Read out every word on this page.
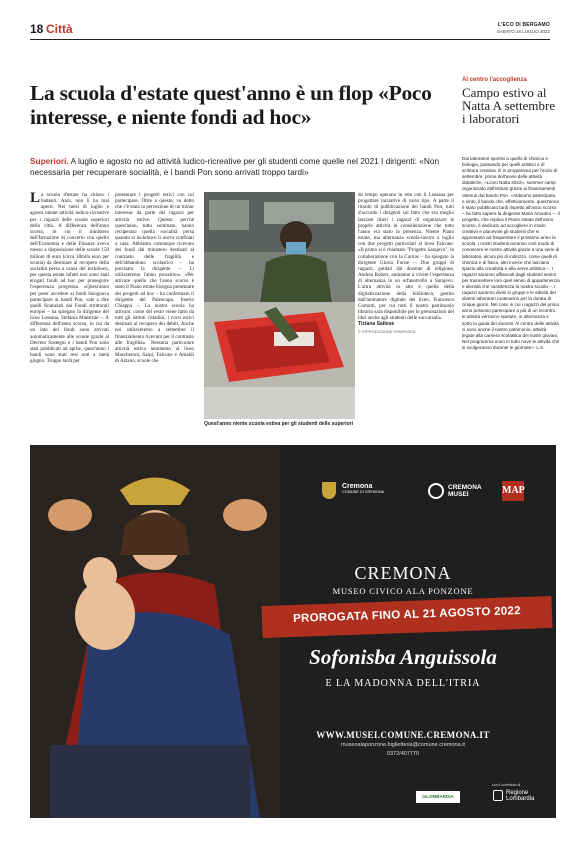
18 Città	L'ECO DI BERGAMO
SABATO 16 LUGLIO 2022
La scuola d'estate quest'anno è un flop «Poco interesse, e niente fondi ad hoc»
Al centro l'accoglienza
Campo estivo al Natta A settembre i laboratori
Dai laboratori sportivi a quello di chimica e biologia, passando per quelli artistici e di scrittura creativa. È in programma per l'inizio di settembre, prima dell'avvio delle attività didattiche, «Liceo Natta 2022», summer camp organizzato dall'istituto grazie ai finanziamenti ottenuti dal bando Pon. «Abbiamo partecipato, e vinto, il bando che, effettivamente, quest'anno è stato pubblicato tardi rispetto all'anno scorso – ha fatto sapere la dirigente Maria Amodeo –. Il progetto, che replica il Piano estate dell'anno scorso, è dedicato ad accogliere in modo creativo e piacevole gli studenti che si apprestano ad frequentare il prossimo anno la scuola. I nostri studenti avranno così modo di conoscere le nostre attività grazie a una serie di laboratori, alcuni più di indirizzo, come quelli di chimica e di fisica, altri invece che lasciano spazio alla creatività e alla verve artistica –. I ragazzi saranno affiancati dagli studenti senior per trasmettere loro quel senso di appartenenza e identità che caratterizza la nostra scuola –. I ragazzi saranno divisi in gruppi e le attività dei diversi laboratori ruoteranno per la durata di cinque giorni. Nel caso in cui i ragazzi del primo anno possono partecipare a più di un incontro, le attività verranno ripetute, in alternanza e sotto la guida dei docenti. Al centro delle attività ci sono anche il nostro patrimonio, attività legate alla carriera scolastica dei nostri giovani. Nel programma sono in tutto nove le attività che si svolgeranno durante le giornate». L.S.
Superiori. A luglio e agosto no ad attività ludico-ricreative per gli studenti come quelle nel 2021 I dirigenti: «Non necessaria per recuperare socialità, e i bandi Pon sono arrivati troppo tardi»
La scuola d'estate ha chiuso i battenti. Anzi, non li ha mai aperti. Nei mesi di luglio e agosto niente attività ludico-ricreative per i ragazzi delle scuole superiori della città. A differenza dell'anno scorso, in cui il ministero dell'Istruzione di concerto con quello dell'Economia e delle Finanze aveva messo a disposizione delle scuole 150 milioni di euro (circa 18mila euro per scuola) da destinare al recupero della socialità persa a causa del lockdown, per questa estate infatti non sono stati erogati fondi ad hoc per proseguire l'esperienza progressa. «Quest'anno per poter accedere ai fondi bisognava partecipare ai bandi Pon, vale a dire quelli finanziati dai Fondi strutturali europei – ha spiegato la dirigente del liceo Lussana, Stefania Maestrini –. A differenza dell'anno scorso, in cui da un lato dei fondi sono arrivati automaticamente alle scuole grazie al Decreto Sostegni e i bandi Pon sono stati pubblicati ad aprile, quest'anno i bandi sono stati resi noti a metà giugno. Troppo tardi per
presentare i progetti estivi con cui partecipare. Oltre a questo, va detto che c'è stata la percezione di un minor interesse da parte dei ragazzi per attività estive. Questo perché quest'anno, tutto sommato, hanno recuperato quella socialità persa quando si lockdown li aveva confinati a casa. Abbiamo comunque ricevuto dei fondi dal ministero destinati al contrasto delle fragilità e dell'abbandono scolastico – ha precisato la dirigente –. Li utilizzeremo l'anno prossimo». «Per attivare quello che l'anno scorso è stato il Piano estate bisogna presentare dei progetti ad hoc – ha confermato il dirigente del Paleocapa, Imerio Chiappa –. La nostra scuola ha attivato, come del resto viene fatto da tutti gli istituti cittadini, i corsi estivi destinati al recupero dei debiti. Anche noi utilizzeremo a settembre il finanziamento ricevuto per il contrasto alle fragilità». Nessuna particolare attività estiva nemmeno al liceo Mascheroni, Sarpi, Falcone e Amaldi di Alzano, scuole che
da tempo operano in rete con il Lussana per progettare iniziative di vario tipo. A parte il ritardo di pubblicazione dei bandi Pon, tutti d'accordo i dirigenti sul fatto che era meglio lasciare liberi i ragazzi di organizzare le proprie attività in considerazione che tutto l'anno era stato in presenza. Niente Piano estate, ma alternanza scuola-lavoro a luglio con due progetti particolari al liceo Falcone: «Il primo si è chiamato "Progetto Sarajevo", in collaborazione con la Caritas – ha spiegato la dirigente Gloria Farisè –. Due gruppi di ragazzi, guidati dal docente di religione, Andrea Robert, andranno a vivere l'esperienza di alternanza in un orfanotrofio a Sarajevo. L'altra attività in atto è quella della digitalizzazione della biblioteca, gestito dall'animatore digitale del liceo, Francesco Comotti, per cui tutti il nostro patrimonio librario sarà disponibile per le prenotazioni dei libri anche agli studenti delle succursali».
Tiziana Sallese
© RIPRODUZIONE RISERVATA
Quest'anno niente scuola estiva per gli studenti delle superiori
Cremona
COMUNE DI CREMONA
CREMONA
MUSEI	MAP
CREMONA
MUSEO CIVICO ALA PONZONE
PROROGATA FINO AL 21 AGOSTO 2022
Sofonisba Anguissola
E LA MADONNA DELL'ITRIA
WWW.MUSEI.COMUNE.CREMONA.IT
museoalaponzone.biglietteria@comune.cremona.it
0372/407770
inLOMBARDIA
con il contributo di
Regione
Lombardia
